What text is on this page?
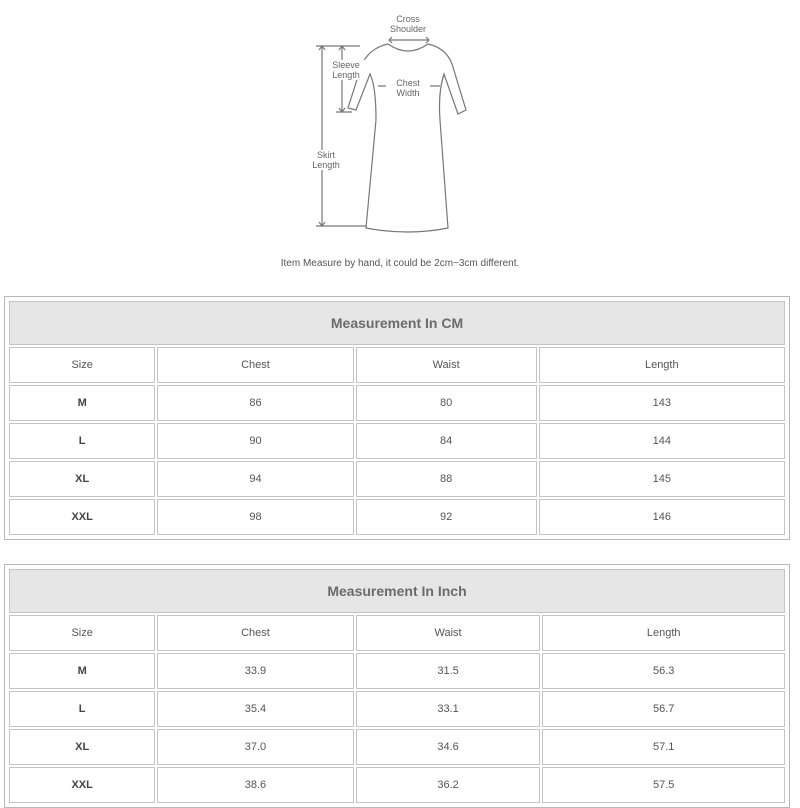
Cross
Shoulder
Sleeve
Length
Chest
Width
Skirt
Length
Item Measure by hand, it could be 2cm~3cm different.
Measurement In CM			
Size	Chest	Waist	Length
M	86	80	143
L	90	84	144
XL	94	88	145
XXL	98	92	146
Measurement In Inch			
Size	Chest	Waist	Length
M	33.9	31.5	56.3
L	35.4	33.1	56.7
XL	37.0	34.6	57.1
XXL	38.6	36.2	57.5
